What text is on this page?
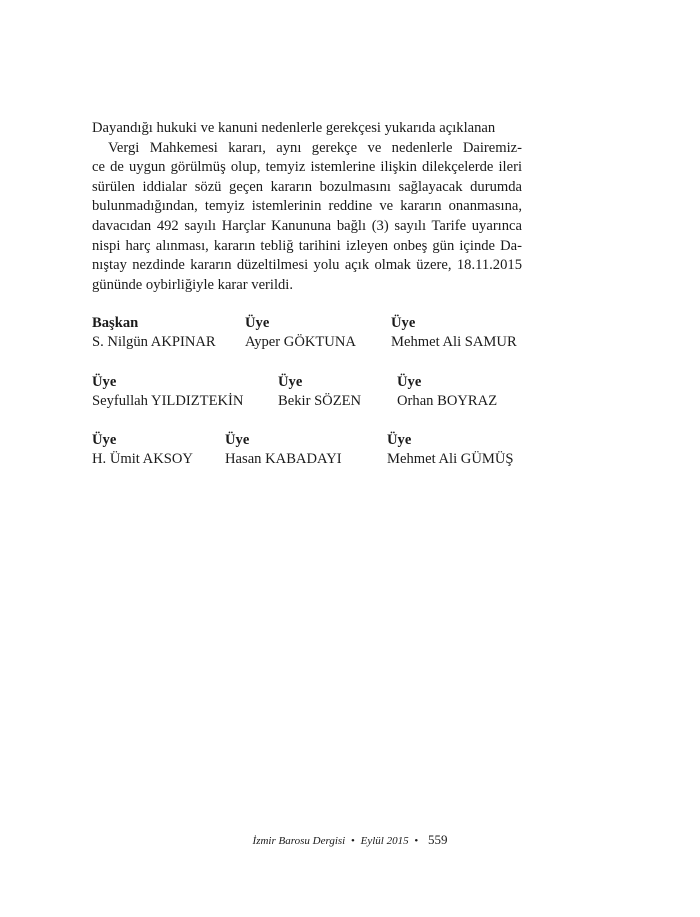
Dayandığı hukuki ve kanuni nedenlerle gerekçesi yukarıda açıklanan
Vergi Mahkemesi kararı, aynı gerekçe ve nedenlerle Dairemiz-
ce de uygun görülmüş olup, temyiz istemlerine ilişkin dilekçelerde ileri
sürülen iddialar sözü geçen kararın bozulmasını sağlayacak durumda
bulunmadığından, temyiz istemlerinin reddine ve kararın onanmasına,
davacıdan 492 sayılı Harçlar Kanununa bağlı (3) sayılı Tarife uyarınca
nispi harç alınması, kararın tebliğ tarihini izleyen onbeş gün içinde Da-
nıştay nezdinde kararın düzeltilmesi yolu açık olmak üzere, 18.11.2015
gününde oybirliğiyle karar verildi.
Başkan
S. Nilgün AKPINAR
Üye
Ayper GÖKTUNA
Üye
Mehmet Ali SAMUR
Üye
Seyfullah YILDIZTEKİN
Üye
Bekir SÖZEN
Üye
Orhan BOYRAZ
Üye
H. Ümit AKSOY
Üye
Hasan KABADAYI
Üye
Mehmet Ali GÜMÜŞ
İzmir Barosu Dergisi • Eylül 2015 • 559
